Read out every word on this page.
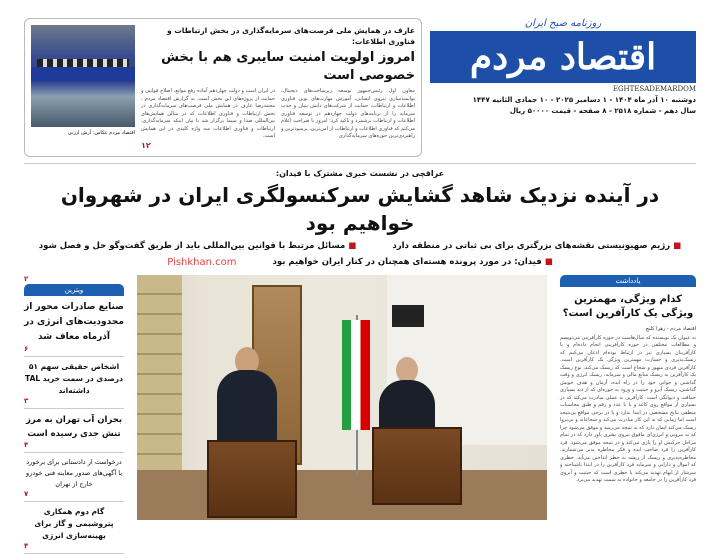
اقتصاد مردم عکاس: آرش ارژنی
عارف در همایش ملی فرصت‌های سرمایه‌گذاری در بخش ارتباطات و فناوری اطلاعات:
امروز اولویت امنیت سایبری هم با بخش خصوصی است
معاون اول رئیس‌جمهور توسعه زیرساخت‌های دیجیتال، توانمندسازی نیروی انسانی، آموزش مهارت‌های نوین فناوری اطلاعات و ارتباطات، حمایت از شرکت‌های دانش بنیان و جذب سرمایه را از برنامه‌های دولت چهاردهم در توسعه فناوری اطلاعات و ارتباطات برشمرد و تاکید کرد: امروز با صراحت اعلام می‌کنم که فناوری اطلاعات و ارتباطات از امن‌ترین، پرسودترین و راهبردی‌ترین حوزه‌های سرمایه‌گذاری
در ایران است و دولت چهاردهم آماده رفع موانع، اصلاح قوانین و حمایت از پروژه‌های این بخش است. به گزارش اقتصاد مردم ، محمدرضا عارف در همایش ملی فرصت‌های سرمایه‌گذاری در بخش ارتباطات و فناوری اطلاعات که در سالن همایش‌های بین‌المللی صدا و سیما برگزار شد با بیان اینکه سرمایه‌گذاری، ارتباطات و فناوری اطلاعات سه واژه کلیدی در این همایش است.
۱۲
روزنامه صبح ایران
اقتصاد مردم
EGHTESADEMARDOM
دوشنبه ۱۰ آذر ماه ۱۴۰۴ - ۱ دسامبر ۲۰۲۵ - ۱۰ جمادی الثانیه ۱۴۴۷
سال دهم - شماره ۲۵۱۸ - ۸ صفحه - قیمت ۵۰۰۰۰ ریال
عراقچی در نشست خبری مشترک با فیدان:
در آینده نزدیک شاهد گشایش سرکنسولگری ایران در شهروان خواهیم بود
■رژیم صهیونیستی نقشه‌های بزرگتری برای بی ثباتی در منطقه دارد
■مسائل مرتبط با قوانین بین‌المللی باید از طریق گفت‌وگو حل و فصل شود
■فیدان: در مورد پرونده هسته‌ای همچنان در کنار ایران خواهیم بود
Pishkhan.com
۲
ویترین
صنایع صادرات محور از محدودیت‌های انرژی در آذرماه معاف شد
۶
اشخاص حقیقی سهم ۵۱ درصدی در سمت خرید TAL داشته‌اند
۳
بحران آب تهران به مرز تنش جدی رسیده است
۴
درخواست از دادستانی برای برخورد با آگهی‌های صدور معاینه فنی خودرو خارج از تهران
۷
گام دوم همکاری پتروشیمی و گاز برای بهینه‌سازی انرژی
۴
یادداشت
کدام ویژگی، مهمترین ویژگی یک کارآفرین است؟
اقتصاد مردم - زهرا کلیچ
به عنوان یک نویسنده که سال‌هاست در حوزه کارآفرینی می‌نویسم و مطالعات مختلفی در حوزه کارآفرینی انجام داده‌ام و با کارآفرینان بسیاری نیز در ارتباط بوده‌ام اذعان می‌کنم که ریسک‌پذیری و جسارت مهمترین ویژگی یک کارآفرین است. کارآفرین فردی متهور و شجاع است که ریسک می‌کند، نوع ریسک یک کارآفرین به ریسک منابع مالی و سرمایه، ریسک انرژی و وقت گذاشتن و جوانی خود را در راه ایده، آرمان و هدف خویش گذاشتن، ریسک آبرو و حیثیت و ورود به حوزه‌ای که از دید بسیاری حماقت و دیوانگی است. کارآفرین به عملی مبادرت می‌کند که در بسیاری از مواقع روی کاغذ و یا با عدد و رقم و طبق محاسبات منطقی نتایج مشخصی در ابتدا ندارد و یا در برخی مواقع بی‌نتیجه است اما زمانی که به این کار مبادرت می‌کند و شجاعانه و بی‌پروا ریسک می‌کند ایمان دارد که به نتیجه می‌رسد و موفق می‌شود چرا که به نیرویی و انرژی‌ای مافوق نیروی بشری باور دارد که در تمام مراحل حرکتش او را یاری می‌کند و در نتیجه موفق می‌شود. فرد کارآفرین را فرد صاحب ایده و فکر مخاطره پذیر می‌شمارند. مخاطره‌پذیری و ریسک از ریشه به خطر انداختن می‌آید. خطری که اموال و دارایی و سرمایه فرد کارآفرین را در ابتدا ناشناخته و سرشار از ابهام تهدید می‌کند یا خطری است که حیثیت و آبروی فرد کارآفرین را در جامعه و خانواده به سمت تهدید می‌برد.
